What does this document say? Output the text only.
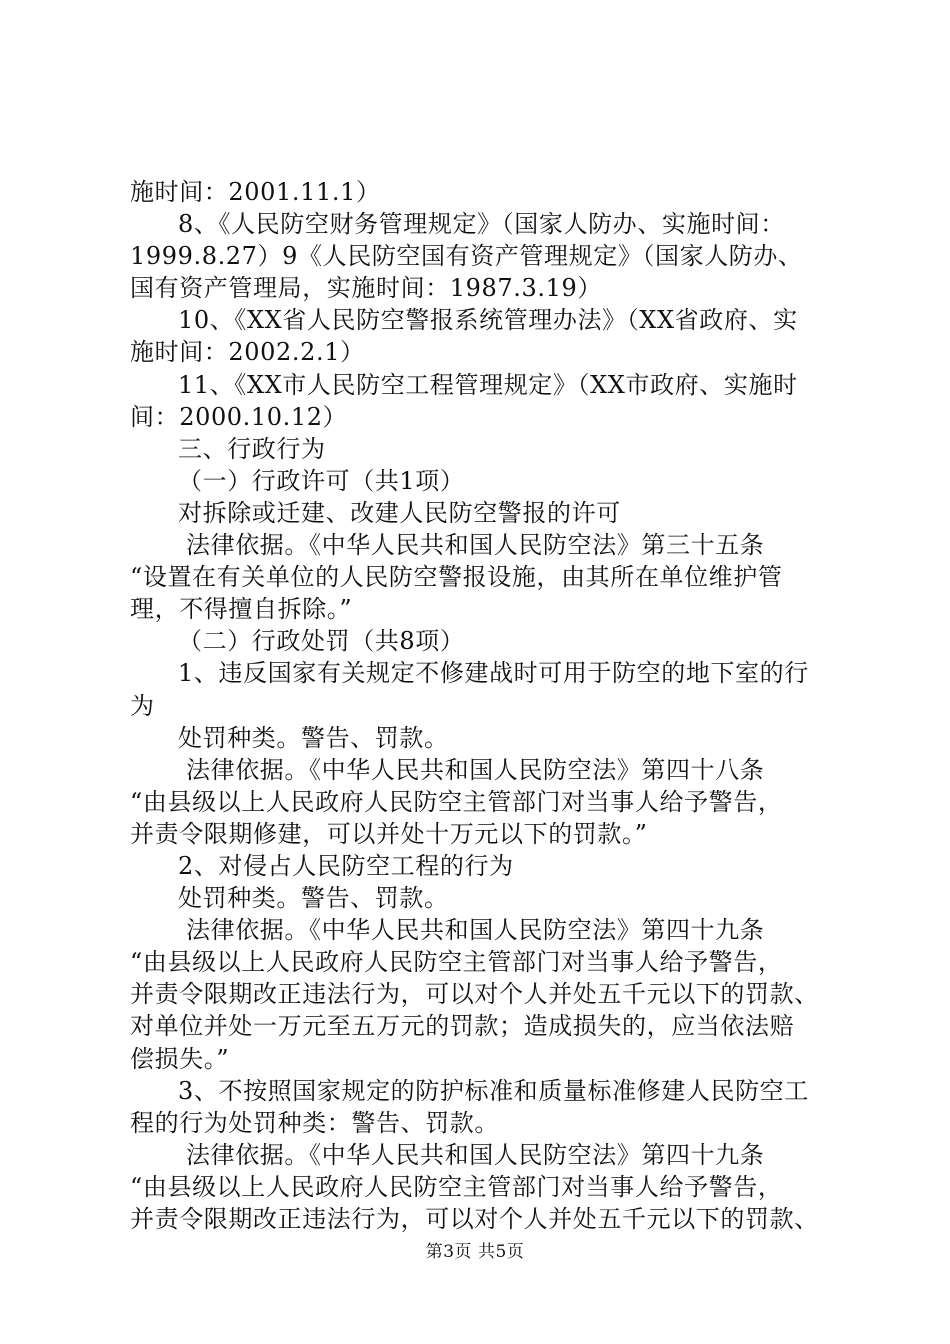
施时间：2001.11.1）
8、《人民防空财务管理规定》（国家人防办、实施时间：
1999.8.27）9《人民防空国有资产管理规定》（国家人防办、
国有资产管理局，实施时间：1987.3.19）
10、《XX省人民防空警报系统管理办法》（XX省政府、实
施时间：2002.2.1）
11、《XX市人民防空工程管理规定》（XX市政府、实施时
间：2000.10.12）
三、行政行为
（一）行政许可（共1项）
对拆除或迁建、改建人民防空警报的许可
法律依据。《中华人民共和国人民防空法》第三十五条
“设置在有关单位的人民防空警报设施，由其所在单位维护管
理，不得擅自拆除。”
（二）行政处罚（共8项）
1、违反国家有关规定不修建战时可用于防空的地下室的行
为
处罚种类。警告、罚款。
法律依据。《中华人民共和国人民防空法》第四十八条
“由县级以上人民政府人民防空主管部门对当事人给予警告，
并责令限期修建，可以并处十万元以下的罚款。”
2、对侵占人民防空工程的行为
处罚种类。警告、罚款。
法律依据。《中华人民共和国人民防空法》第四十九条
“由县级以上人民政府人民防空主管部门对当事人给予警告，
并责令限期改正违法行为，可以对个人并处五千元以下的罚款、
对单位并处一万元至五万元的罚款；造成损失的，应当依法赔
偿损失。”
3、不按照国家规定的防护标准和质量标准修建人民防空工
程的行为处罚种类：警告、罚款。
法律依据。《中华人民共和国人民防空法》第四十九条
“由县级以上人民政府人民防空主管部门对当事人给予警告，
并责令限期改正违法行为，可以对个人并处五千元以下的罚款、
第3页 共5页
